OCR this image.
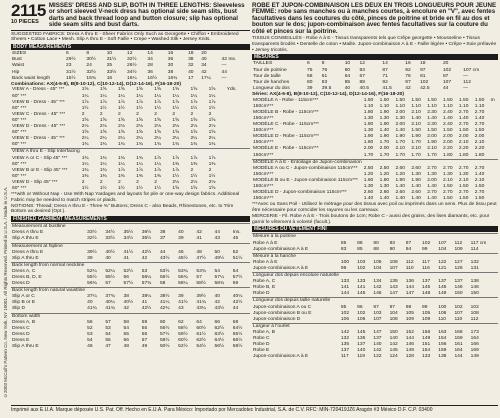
©2003 McCall's Pattern Co. New York, NY 10001. All Rights Reserved. Printed in U.S.A. / Made in U.S.A.
2115
10 PIECES
MISSES' DRESS AND SLIP, BOTH IN THREE LENGTHS: Sleeveless or short sleeved V-neck dress has optional side seam slits, bust darts and back thread loop and button closure; slip has optional side seam slits and bust darts.
SUGGESTED FABRICS: Dress A thru E - Sheer Fabrics Only Such as Georgette • Chiffon • Embroidered Sheers • Cotton Lace • Mesh. Slip A thru E - Soft Faille • Crepe • Washed Silk • Jersey Knits.
BODY MEASUREMENTS
SIZES	6	8	10	12	14	16	18	20	
Bust	29½	30½	31½	32½	34	36	38	40	42 Ins.
Waist	23	24	25	26½	28	30	32	34	—
Hip	31½	32½	33½	34½	36	38	40	42	44
Back waist length	15½	15¾	16	16¼	16½	16¾	17	17¼	—
Combinations: AX(4-6-8), B(8-10-12), C(10-12-14), D(12-14-16), F(16-18-20)
VIEW A - Dress - 45" ***	1⅝	1⅝	1⅝	1⅝	1⅝	1⅝	1⅝	1⅝	Yds.
60" ***	1¼	1¼	1¼	1¼	1¼	1¼	1¼	1¼	
VIEW B - Dress - 45" ***	1⅞	1⅞	1⅞	1⅞	1⅞	1⅞	1⅞	1⅞	
60" ***	1½	1½	1½	1½	1½	1½	1½	1½	
VIEW C - Dress - 45" ***	2	2	2	2	2	2	2	2	
60" ***	1⅝	1⅝	1⅝	1⅝	1⅝	1⅝	1⅝	1⅝	
VIEW D - Dress - 45" ***	2⅛	2⅛	2⅛	2⅛	2⅛	2⅛	2⅛	2⅛	
60" ***	1⅝	1⅝	1⅝	1⅝	1⅝	1⅝	1⅝	1⅝	
VIEW E - Dress - 45" ***	2¼	2¼	2¼	2¼	2¼	2¼	2¼	2¼	
60" ***	1¾	1¾	1¾	1¾	1¾	1¾	1¾	1¾	
VIEW A thru E - Slip Interfacing									
VIEW A or C - Slip 45" ***	1¾	1¾	1¾	1¾	1⅞	1⅞	1⅞	1⅞	
60" ***	1¼	1¼	1¼	1¼	1¼	1⅜	1⅜	1⅜	
VIEW B or E - Slip 45" ***	1¾	1¾	1⅞	1⅞	1⅞	1⅞	2	2	
60" ***	1⅜	1⅜	1⅜	1⅜	1⅜	1½	1½	1½	
VIEW D - Slip 45" ***	2	2	2	2	2	2⅛	2⅛	2⅛	
60" ***	1½	1½	1½	1½	1½	1⅝	1⅝	1⅝	
***with or Without Nap - Use With Nap Yardages and layouts for pile or one-way design fabrics. Additional Fabric may be needed to match stripes or plaids.
NOTIONS: Thread; Dress A thru E - Three ⅜" Buttons; Dress C - also Beads, Rhinestones, etc. to Trim Bottom as desired (Opt.).
FINISHED GARMENT MEASUREMENTS
Measurement at bustline									
Dress A thru E	33½	34½	35½	36½	38	40	42	44	Ins.
Slip A thru E	32½	33½	34½	35½	37	39	41	43	45
Measurement at hipline									
Dress A thru E	39½	40½	41½	42½	44	46	48	50	52
Slip A thru E	39	40	41	42	43½	45½	47½	49½	51½
Back length from normal neckline									
Dress A, C	52¼	52¼	52½	53	53½	53¾	53¾	54	54
Dress B, D, E	55½	55½	56	56¼	56½	56¾	57	57¼	57½
Dress D	56¾	57	57½	57¾	58	58¼	58½	58¾	59
Back length from natural waistline									
Slip A or C	37¼	37¾	38	38¼	38½	39	39½	40	40¼
Slip B or E	40	40¼	40½	41	41¼	41½	41¾	42	42½
Slip D	41¾	41¾	42	42½	42¾	43	43¼	43½	44
Bottom width									
Dress A, B	56	57	58	59	60	62	64	66	68
Dress C	52	53	54	55	56½	58½	60½	62½	64½
Dress D	53	54	55	56	57½	59½	61½	63½	65½
Dress E	54	55	56	57	58½	60½	62½	64½	66½
Slip A thru E	46	47	48	49	50½	52½	54½	56½	58½
ROBE ET JUPON-COMBINAISON LES DEUX EN TROIS LONGUEURS POUR JEUNE FEMME: robe sans manches ou à manches courtes, à encolure en "V", avec fentes facultatives dans les coutures du côté, pinces de poitrine et bride en fil au dos et bouton sur le dos; jupon-combinaison avec fentes facultatives sur la couture du côté et pinces sur la poitrine.
TISSUS CONSEILLÉS - Robe A à E - Tissus transparents tels que Crêpe georgette • Mousseline • Tissus transparents brodés • Dentelle de coton • Maille. Jupon-combinaison A à E - Faille légère • Crêpe • Soie prélavée • Jersey tricotés.
MESURES
TAILLES	6	8	10	12	14	16	18	20	
Tour de poitrine	75	76	80	83	87	92	97	102	107 cm
Tour de taille	58	61	64	67	71	76	81	87	—
Tour de hanches	80	83	85	88	92	97	102	107	112
Longueur du dos	39	39.5	40	40.5	41.5	42	42.5	44	—
Séries: AX(4-6-8), B(8-10-12), C(10-12-14), D(12-14-16), F(16-18-20)
MODÈLE A - Robe - 115cm***	1.50	1.50	1.50	1.50	1.50	1.50	1.50	1.50	m
150cm***	1.10	1.10	1.10	1.10	1.10	1.10	1.10	1.10	
MODÈLE B - Robe - 115cm***	1.80	1.90	2.00	2.10	2.30	2.40	2.70	2.70	
150cm***	1.30	1.30	1.30	1.40	1.40	1.40	1.40	1.40	
MODÈLE C - Robe - 115cm***	1.80	1.90	2.00	2.10	2.30	2.40	2.70	2.70	
150cm***	1.30	1.40	1.40	1.50	1.50	1.50	1.50	1.50	
MODÈLE D - Robe - 115cm***	1.90	1.90	1.90	1.90	2.00	2.00	2.00	2.00	
150cm***	1.60	1.70	1.70	1.70	1.90	2.00	2.10	2.10	
MODÈLE E - Robe - 115cm***	2.00	2.00	2.10	2.10	2.10	2.20	2.20	2.20	
150cm***	1.70	1.70	1.70	1.70	1.70	1.80	1.80	1.80	
MODÈLE A à E - Entoilage de Jupon-combinaison									
MODÈLE A ou C - Jupon-combinaison 115cm***	2.50	2.50	2.60	2.60	2.70	2.70	2.70	2.70	
150cm***	1.20	1.20	1.20	1.30	1.30	1.30	1.30	1.40	
MODÈLE B ou E - Jupon-combinaison 115cm***	1.60	1.80	1.90	1.90	2.00	2.10	2.10	2.10	
150cm***	1.30	1.30	1.40	1.40	1.40	1.50	1.50	1.50	
MODÈLE D - Jupon-combinaison 115cm***	2.60	2.60	2.60	2.60	2.70	2.70	2.70	2.70	
150cm***	1.40	1.40	1.40	1.40	1.40	1.50	1.50	1.50	
***Avec ou Sans Poil - Utilisez le métrage pour des tissus avec poil ou imprimés dans un sens. Plus de tissu peut être nécessaire pour coïncider les rayures ou les carreaux.
MERCERIE - Fil. Robe A à E - Trois boutons de 1cm; Robe C - aussi des grains, des lises diamants, etc. pour garnir le vêtement à volonté (facult.).
MESURES DU VÊTEMENT FINI
Mesure à la poitrine									
Robe A à E	85	88	90	93	97	102	107	112	117 cm
Jupon-combinaison A à E	83	85	88	90	94	99	104	109	114
Mesure à la hanche									
Robe A à E	100	103	105	108	112	117	122	127	132
Jupon-combinaison A à E	99	102	104	107	110	116	121	126	131
Longueur dos depuis encolure naturelle									
Robe A, C	133	133	134	135	136	137	137	137	138
Robe B, E	141	141	142	143	144	145	145	146	146
Robe D	144	145	146	147	147	148	149	150	150
Longueur dos depuis taille naturelle									
Jupon-combinaison A ou C	95	96	97	97	98	99	100	102	102
Jupon-combinaison B ou E	102	102	103	104	105	105	106	107	108
Jupon-combinaison D	106	106	107	108	109	109	110	110	112
Largeur à l'ourlet									
Robe A, B	142	145	147	150	152	158	163	168	173
Robe C	132	135	137	140	144	149	154	159	164
Robe D	135	137	140	142	146	151	156	161	166
Robe E	137	140	142	145	149	154	159	164	169
Jupon-combinaison A à E	117	119	122	124	128	133	138	144	149
Imprimé aux E.U.A. Marque déposée U.S. Pat. Off. Hecho en E.U.A. Para México: Importado por Mercadotec Industrial, S.A. de C.V. RFC: MIN-720419JZ6 Aragón #3 México D.F. C.P. 03400
